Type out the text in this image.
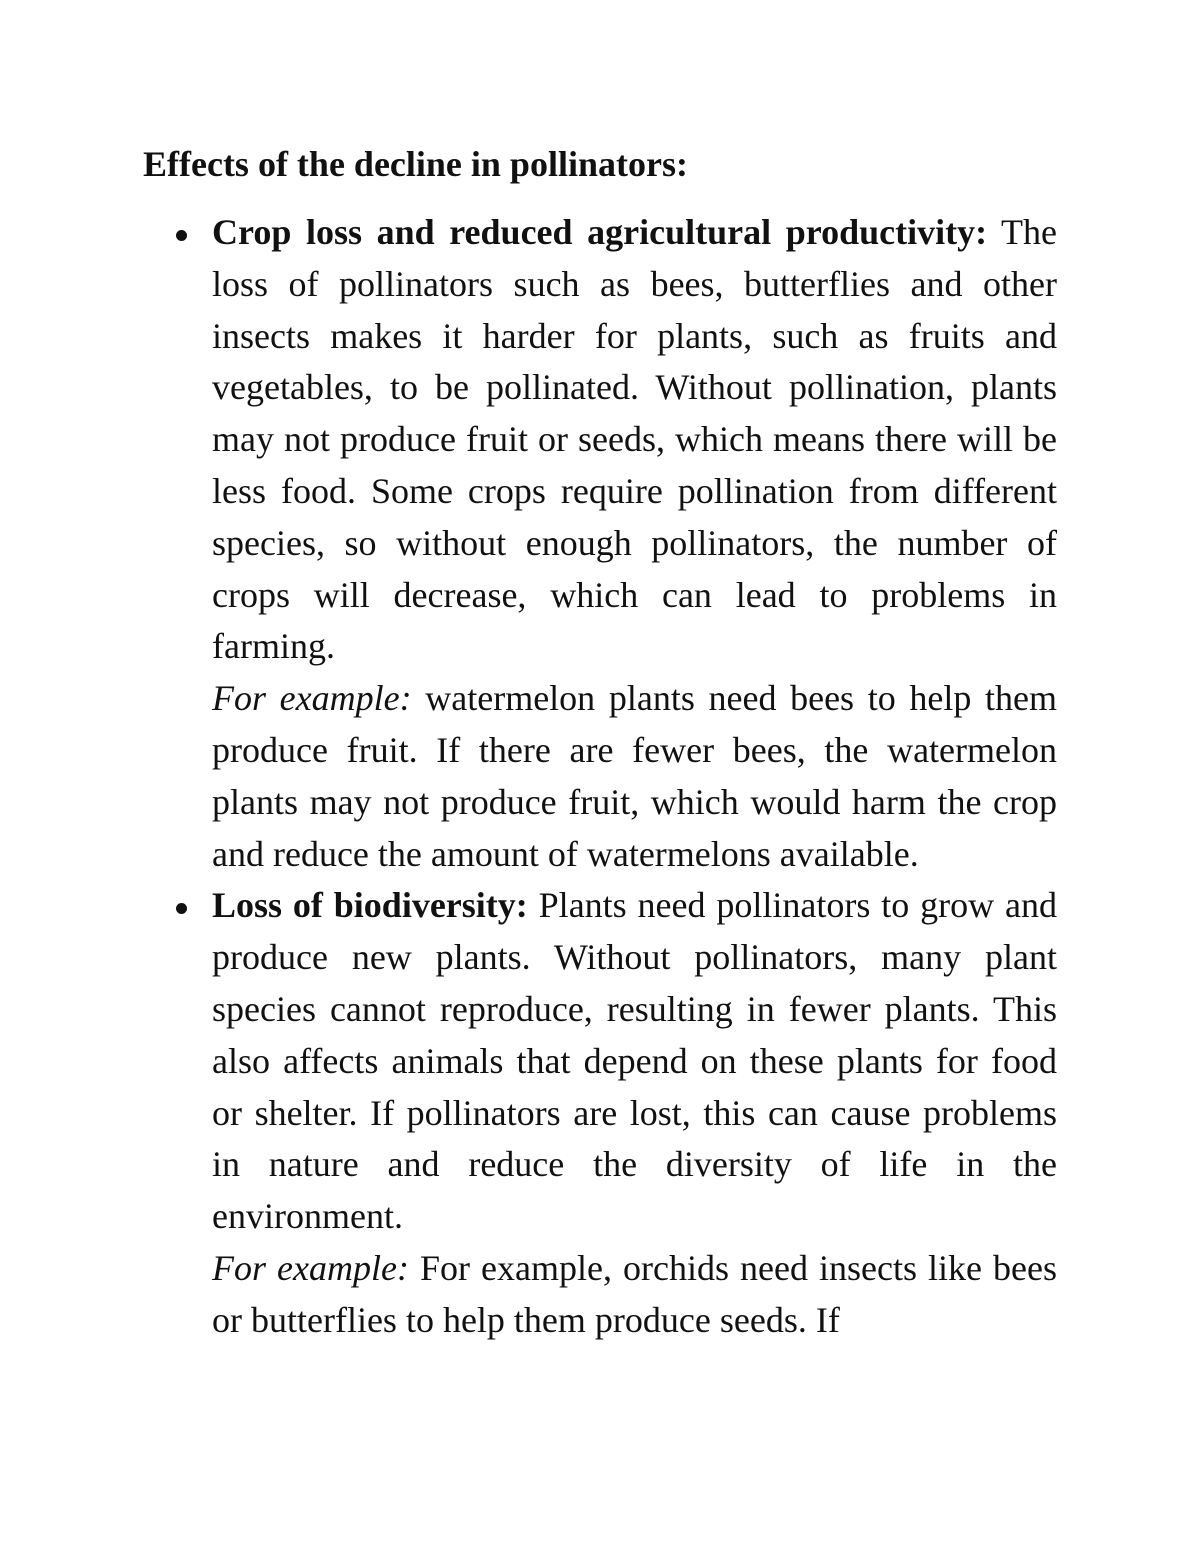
Effects of the decline in pollinators:

Crop loss and reduced agricultural productivity: The loss of pollinators such as bees, butterflies and other insects makes it harder for plants, such as fruits and vegetables, to be pollinated. Without pollination, plants may not produce fruit or seeds, which means there will be less food. Some crops require pollination from different species, so without enough pollinators, the number of crops will decrease, which can lead to problems in farming.

For example: watermelon plants need bees to help them produce fruit. If there are fewer bees, the watermelon plants may not produce fruit, which would harm the crop and reduce the amount of watermelons available.

Loss of biodiversity: Plants need pollinators to grow and produce new plants. Without pollinators, many plant species cannot reproduce, resulting in fewer plants. This also affects animals that depend on these plants for food or shelter. If pollinators are lost, this can cause problems in nature and reduce the diversity of life in the environment.

For example: For example, orchids need insects like bees or butterflies to help them produce seeds. If
